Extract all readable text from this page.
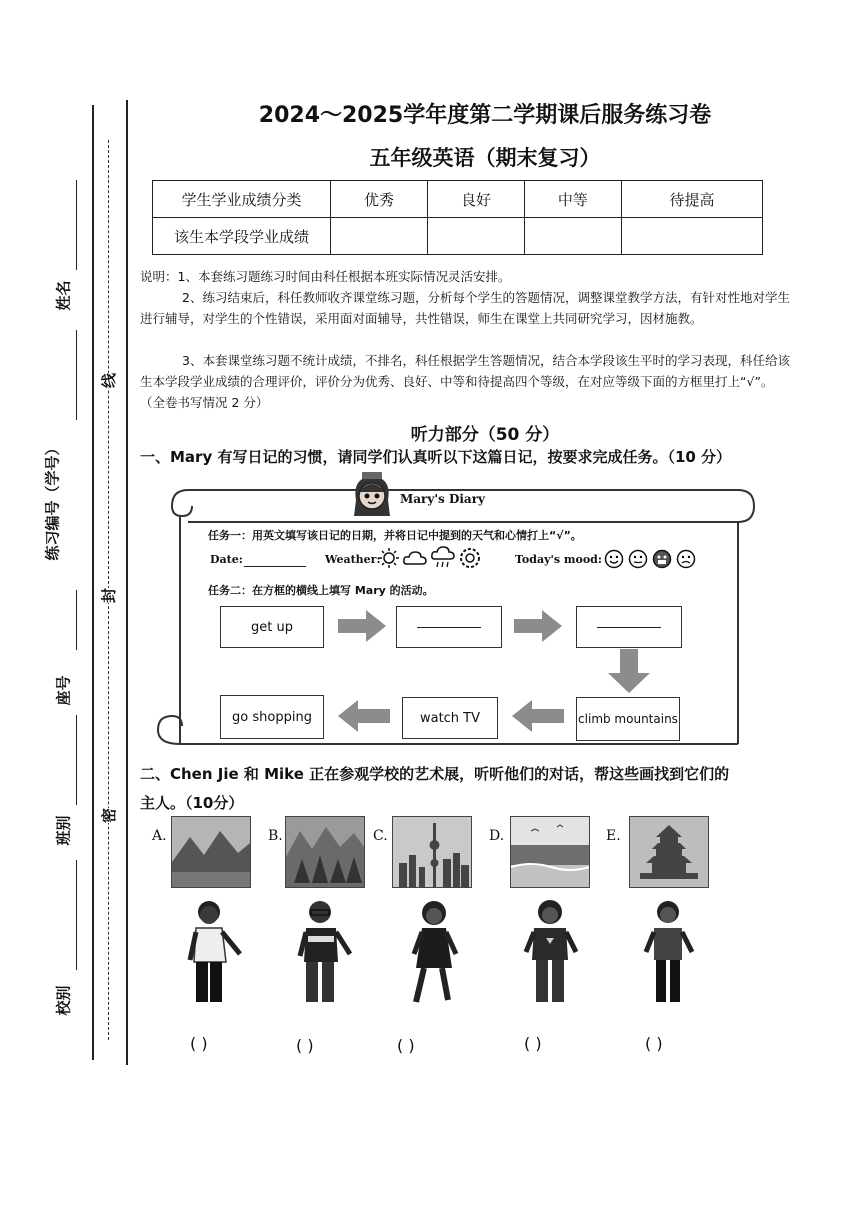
姓名
练习编号（学号）
座号
班别
校别
线
封
密
2024～2025学年度第二学期课后服务练习卷
五年级英语（期末复习）
学生学业成绩分类	优秀	良好	中等	待提高
该生本学段学业成绩				
说明：1、本套练习题练习时间由科任根据本班实际情况灵活安排。
2、练习结束后，科任教师收齐课堂练习题，分析每个学生的答题情况，调整课堂教学方法，有针对性地对学生进行辅导，对学生的个性错误，采用面对面辅导，共性错误，师生在课堂上共同研究学习，因材施教。
3、本套课堂练习题不统计成绩，不排名，科任根据学生答题情况，结合本学段该生平时的学习表现，科任给该生本学段学业成绩的合理评价，评价分为优秀、良好、中等和待提高四个等级，在对应等级下面的方框里打上“√”。（全卷书写情况 2 分）
听力部分（50 分）
一、Mary 有写日记的习惯，请同学们认真听以下这篇日记，按要求完成任务。（10 分）
Mary's Diary
任务一：用英文填写该日记的日期，并将日记中提到的天气和心情打上“√”。
Date:	Weather:	Today's mood:
任务二：在方框的横线上填写 Mary 的活动。
get up
climb mountains
watch TV
go shopping
二、Chen Jie 和 Mike 正在参观学校的艺术展，听听他们的对话，帮这些画找到它们的
主人。（10分）
A.	B.	C.	D.	E.
( )	( )	( )	( )	( )
